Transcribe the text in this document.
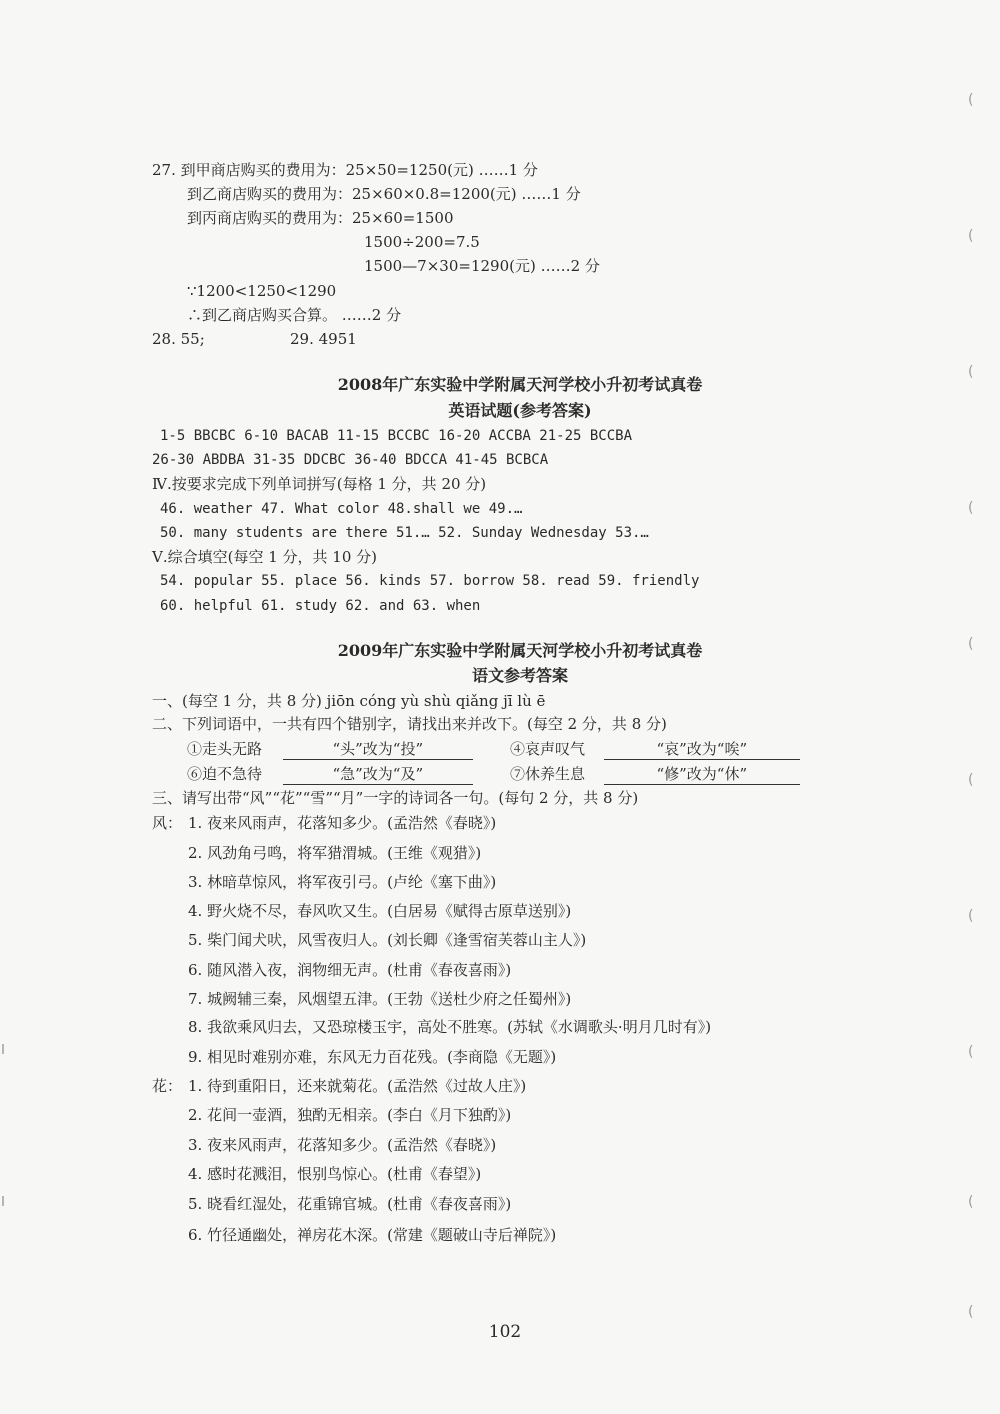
27. 到甲商店购买的费用为：25×50=1250(元) ……1 分
到乙商店购买的费用为：25×60×0.8=1200(元) ……1 分
到丙商店购买的费用为：25×60=1500
1500÷200=7.5
1500—7×30=1290(元) ……2 分
∵1200<1250<1290
∴到乙商店购买合算。 ……2 分
28. 55;	29. 4951
2008年广东实验中学附属天河学校小升初考试真卷
英语试题(参考答案)
1-5 BBCBC 6-10 BACAB 11-15 BCCBC 16-20 ACCBA 21-25 BCCBA
26-30 ABDBA 31-35 DDCBC 36-40 BDCCA 41-45 BCBCA
Ⅳ.按要求完成下列单词拼写(每格 1 分，共 20 分)
46. weather 47. What color 48.shall we 49.…
50. many students are there 51.… 52. Sunday Wednesday 53.…
Ⅴ.综合填空(每空 1 分，共 10 分)
54. popular 55. place 56. kinds 57. borrow 58. read 59. friendly
60. helpful 61. study 62. and 63. when
2009年广东实验中学附属天河学校小升初考试真卷
语文参考答案
一、(每空 1 分，共 8 分) jiōn cóng yù shù qiǎng jī lù ē
二、下列词语中，一共有四个错别字，请找出来并改下。(每空 2 分，共 8 分)
①走头无路	“头”改为“投”	④哀声叹气	“哀”改为“唉”
⑥迫不急待	“急”改为“及”	⑦休养生息	“修”改为“休”
三、请写出带“风”“花”“雪”“月”一字的诗词各一句。(每句 2 分，共 8 分)
风： 1. 夜来风雨声，花落知多少。(孟浩然《春晓》)
2. 风劲角弓鸣，将军猎渭城。(王维《观猎》)
3. 林暗草惊风，将军夜引弓。(卢纶《塞下曲》)
4. 野火烧不尽，春风吹又生。(白居易《赋得古原草送别》)
5. 柴门闻犬吠，风雪夜归人。(刘长卿《逢雪宿芙蓉山主人》)
6. 随风潜入夜，润物细无声。(杜甫《春夜喜雨》)
7. 城阙辅三秦，风烟望五津。(王勃《送杜少府之任蜀州》)
8. 我欲乘风归去，又恐琼楼玉宇，高处不胜寒。(苏轼《水调歌头·明月几时有》)
9. 相见时难别亦难，东风无力百花残。(李商隐《无题》)
花： 1. 待到重阳日，还来就菊花。(孟浩然《过故人庄》)
2. 花间一壶酒，独酌无相亲。(李白《月下独酌》)
3. 夜来风雨声，花落知多少。(孟浩然《春晓》)
4. 感时花溅泪，恨别鸟惊心。(杜甫《春望》)
5. 晓看红湿处，花重锦官城。(杜甫《春夜喜雨》)
6. 竹径通幽处，禅房花木深。(常建《题破山寺后禅院》)
102
(
(
(
(
(
(
(
(
(
(
